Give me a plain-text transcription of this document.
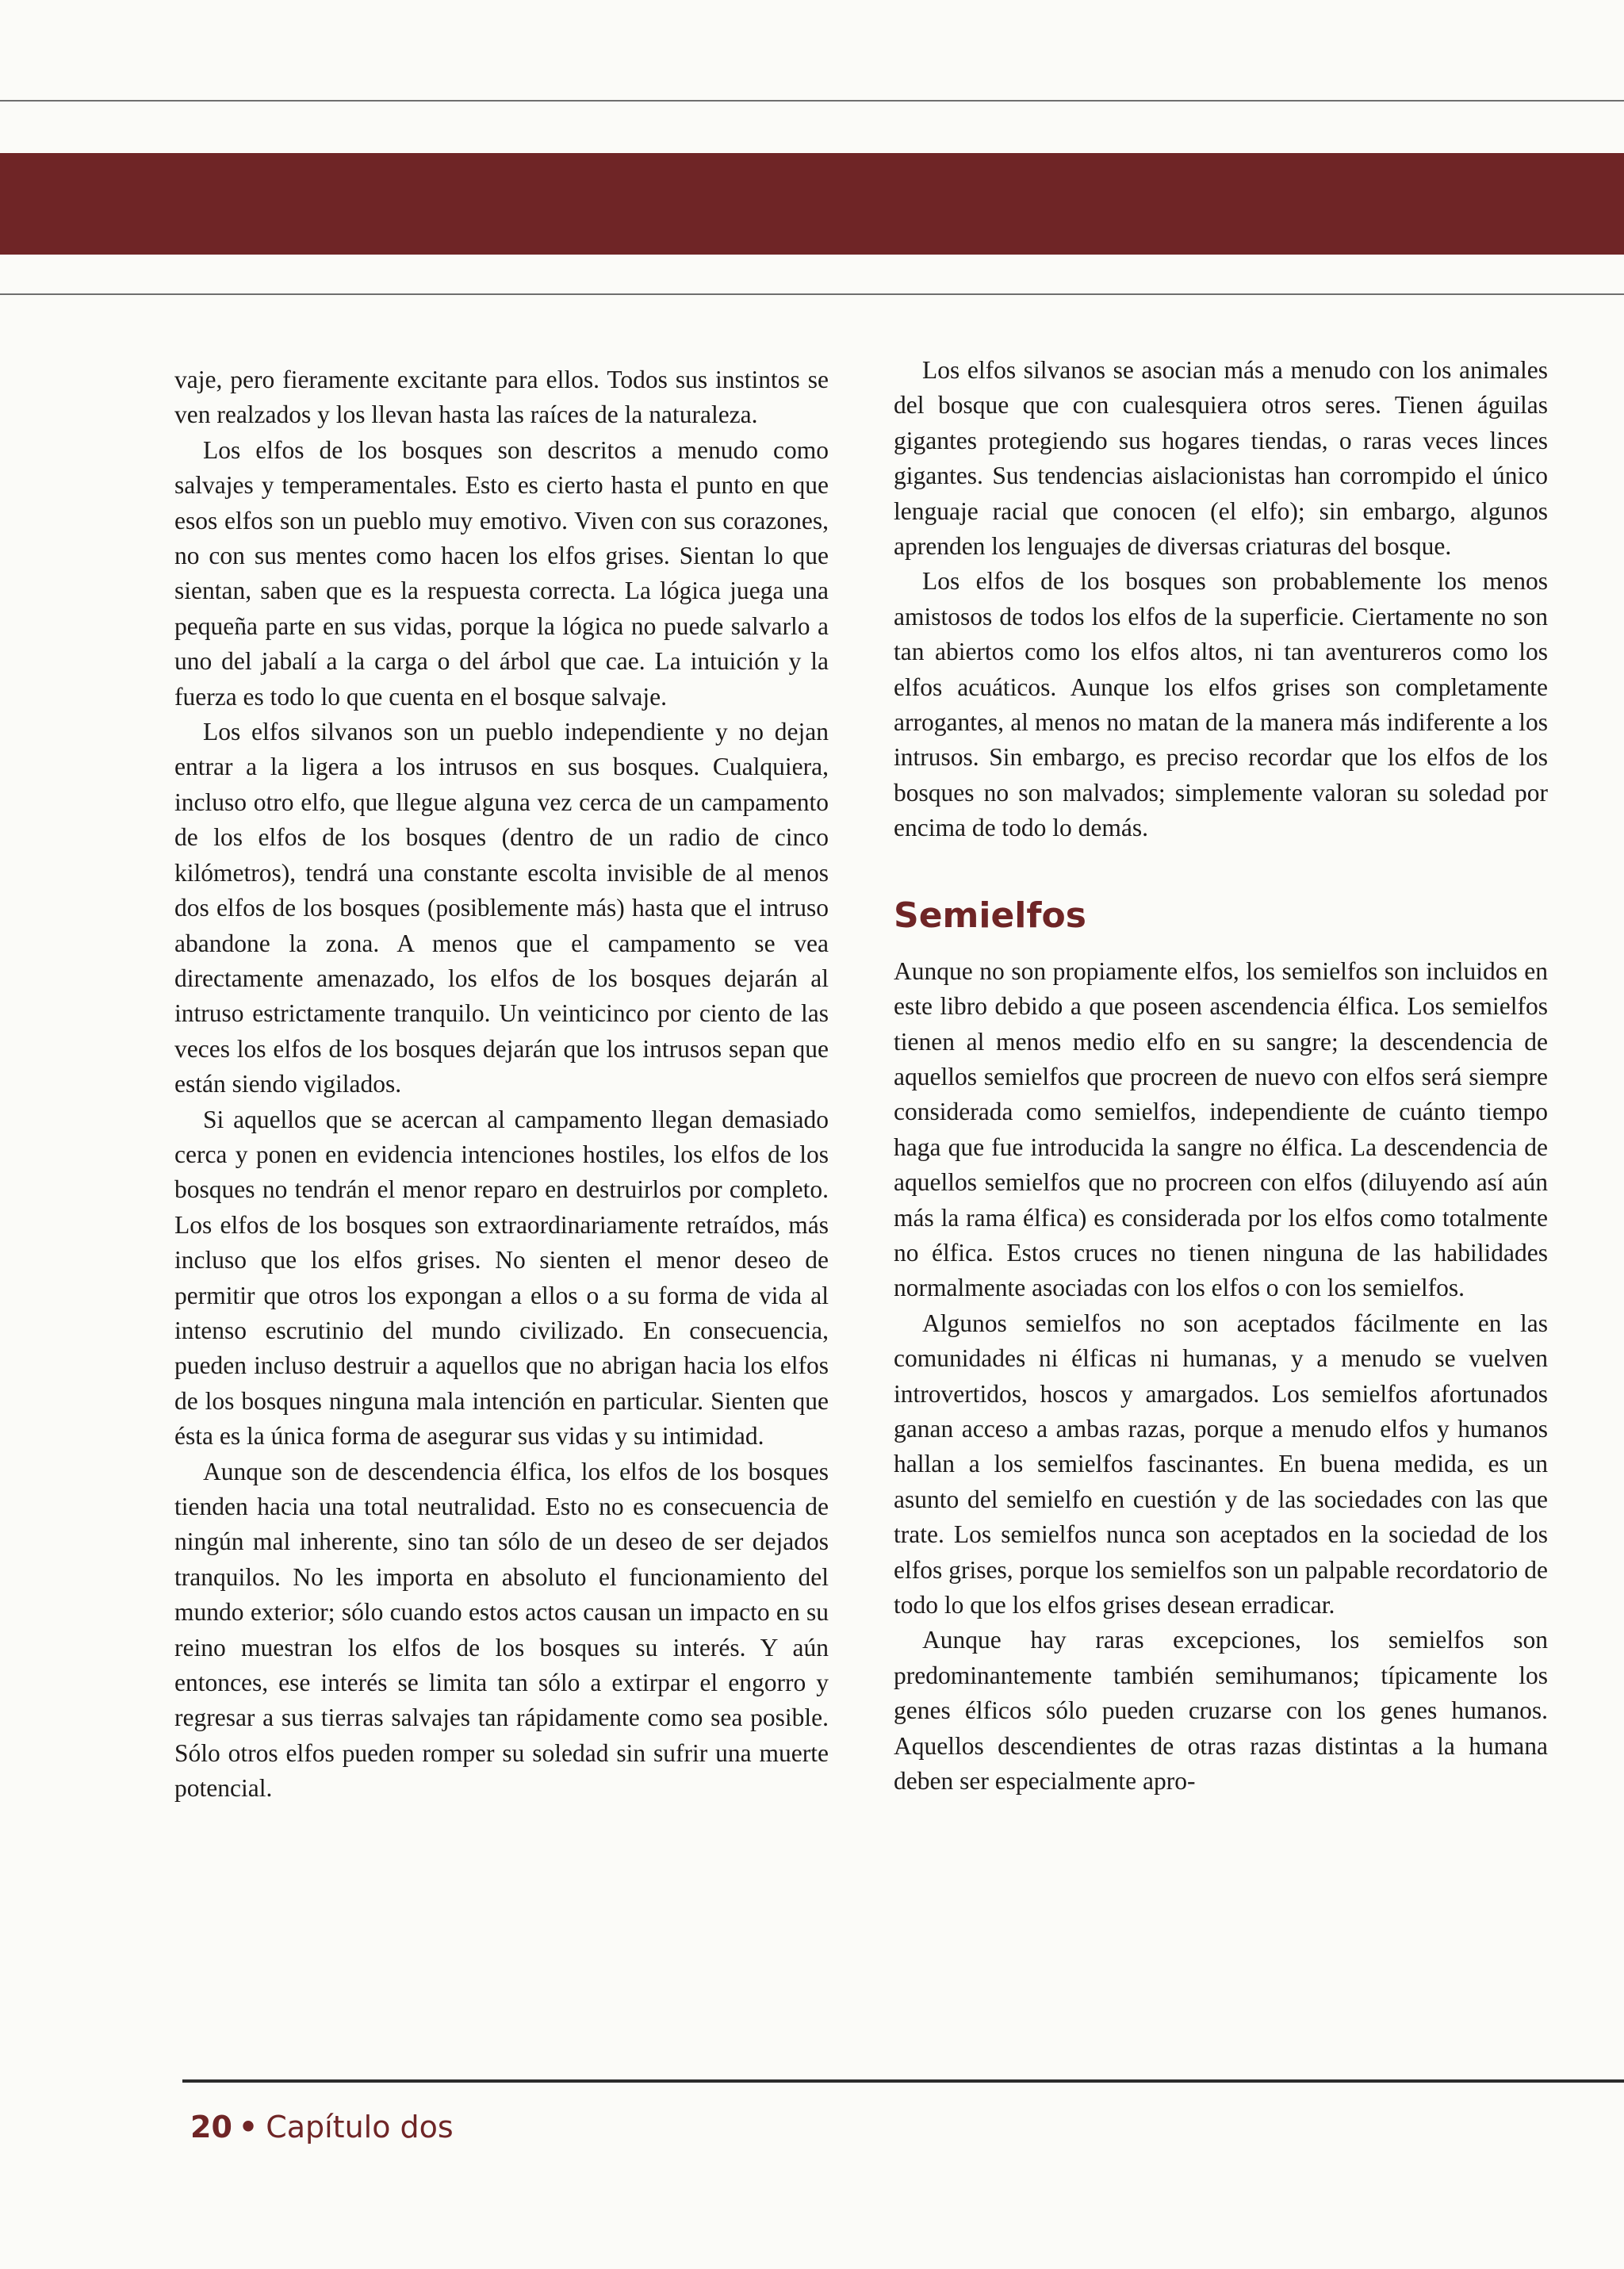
vaje, pero fieramente excitante para ellos. Todos sus instintos se ven realzados y los llevan hasta las raíces de la naturaleza.

Los elfos de los bosques son descritos a menudo como salvajes y temperamentales. Esto es cierto hasta el punto en que esos elfos son un pueblo muy emotivo. Viven con sus corazones, no con sus mentes como hacen los elfos grises. Sientan lo que sientan, saben que es la respuesta correcta. La lógica juega una pequeña parte en sus vidas, porque la lógica no puede salvarlo a uno del jabalí a la carga o del árbol que cae. La intuición y la fuerza es todo lo que cuenta en el bosque salvaje.

Los elfos silvanos son un pueblo independiente y no dejan entrar a la ligera a los intrusos en sus bosques. Cualquiera, incluso otro elfo, que llegue alguna vez cerca de un campamento de los elfos de los bosques (dentro de un radio de cinco kilómetros), tendrá una constante escolta invisible de al menos dos elfos de los bosques (posiblemente más) hasta que el intruso abandone la zona. A menos que el campamento se vea directamente amenazado, los elfos de los bosques dejarán al intruso estrictamente tranquilo. Un veinticinco por ciento de las veces los elfos de los bosques dejarán que los intrusos sepan que están siendo vigilados.

Si aquellos que se acercan al campamento llegan demasiado cerca y ponen en evidencia intenciones hostiles, los elfos de los bosques no tendrán el menor reparo en destruirlos por completo. Los elfos de los bosques son extraordinariamente retraídos, más incluso que los elfos grises. No sienten el menor deseo de permitir que otros los expongan a ellos o a su forma de vida al intenso escrutinio del mundo civilizado. En consecuencia, pueden incluso destruir a aquellos que no abrigan hacia los elfos de los bosques ninguna mala intención en particular. Sienten que ésta es la única forma de asegurar sus vidas y su intimidad.

Aunque son de descendencia élfica, los elfos de los bosques tienden hacia una total neutralidad. Esto no es consecuencia de ningún mal inherente, sino tan sólo de un deseo de ser dejados tranquilos. No les importa en absoluto el funcionamiento del mundo exterior; sólo cuando estos actos causan un impacto en su reino muestran los elfos de los bosques su interés. Y aún entonces, ese interés se limita tan sólo a extirpar el engorro y regresar a sus tierras salvajes tan rápidamente como sea posible. Sólo otros elfos pueden romper su soledad sin sufrir una muerte potencial.

Los elfos silvanos se asocian más a menudo con los animales del bosque que con cualesquiera otros seres. Tienen águilas gigantes protegiendo sus hogares tiendas, o raras veces linces gigantes. Sus tendencias aislacionistas han corrompido el único lenguaje racial que conocen (el elfo); sin embargo, algunos aprenden los lenguajes de diversas criaturas del bosque.

Los elfos de los bosques son probablemente los menos amistosos de todos los elfos de la superficie. Ciertamente no son tan abiertos como los elfos altos, ni tan aventureros como los elfos acuáticos. Aunque los elfos grises son completamente arrogantes, al menos no matan de la manera más indiferente a los intrusos. Sin embargo, es preciso recordar que los elfos de los bosques no son malvados; simplemente valoran su soledad por encima de todo lo demás.

Semielfos

Aunque no son propiamente elfos, los semielfos son incluidos en este libro debido a que poseen ascendencia élfica. Los semielfos tienen al menos medio elfo en su sangre; la descendencia de aquellos semielfos que procreen de nuevo con elfos será siempre considerada como semielfos, independiente de cuánto tiempo haga que fue introducida la sangre no élfica. La descendencia de aquellos semielfos que no procreen con elfos (diluyendo así aún más la rama élfica) es considerada por los elfos como totalmente no élfica. Estos cruces no tienen ninguna de las habilidades normalmente asociadas con los elfos o con los semielfos.

Algunos semielfos no son aceptados fácilmente en las comunidades ni élficas ni humanas, y a menudo se vuelven introvertidos, hoscos y amargados. Los semielfos afortunados ganan acceso a ambas razas, porque a menudo elfos y humanos hallan a los semielfos fascinantes. En buena medida, es un asunto del semielfo en cuestión y de las sociedades con las que trate. Los semielfos nunca son aceptados en la sociedad de los elfos grises, porque los semielfos son un palpable recordatorio de todo lo que los elfos grises desean erradicar.

Aunque hay raras excepciones, los semielfos son predominantemente también semihumanos; típicamente los genes élficos sólo pueden cruzarse con los genes humanos. Aquellos descendientes de otras razas distintas a la humana deben ser especialmente apro-

20 • Capítulo dos
